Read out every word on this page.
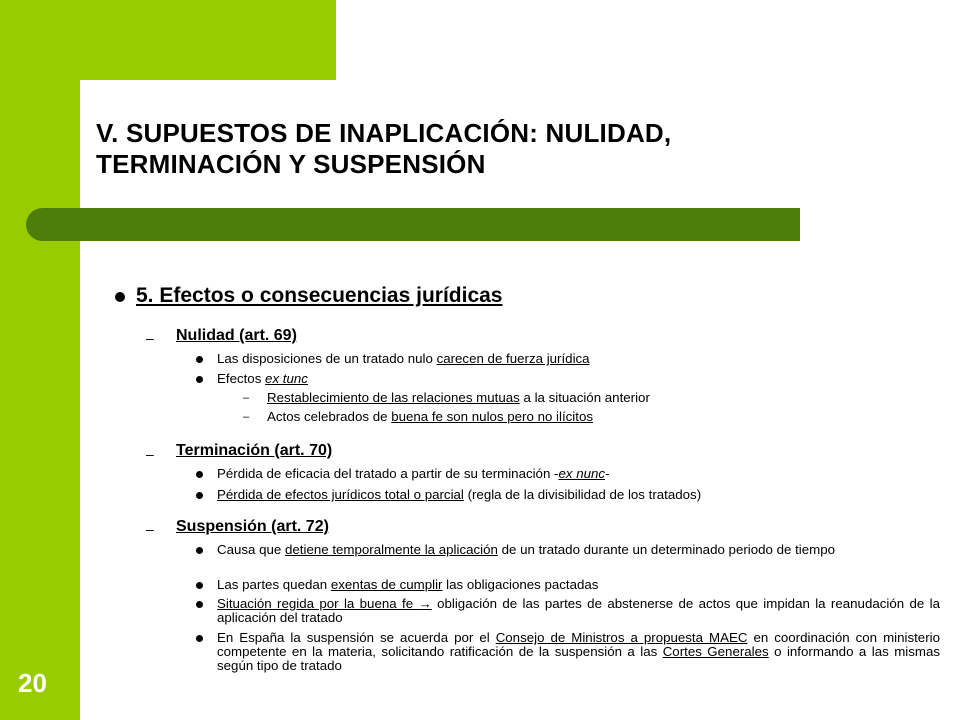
V. SUPUESTOS DE INAPLICACIÓN: NULIDAD,
TERMINACIÓN Y SUSPENSIÓN
20
5. Efectos o consecuencias jurídicas
– Nulidad (art. 69)
Las disposiciones de un tratado nulo carecen de fuerza jurídica
Efectos ex tunc
– Restablecimiento de las relaciones mutuas a la situación anterior
– Actos celebrados de buena fe son nulos pero no ilícitos
– Terminación (art. 70)
Pérdida de eficacia del tratado a partir de su terminación -ex nunc-
Pérdida de efectos jurídicos total o parcial (regla de la divisibilidad de los tratados)
– Suspensión (art. 72)
Causa que detiene temporalmente la aplicación de un tratado durante un determinado periodo de tiempo
Las partes quedan exentas de cumplir las obligaciones pactadas
Situación regida por la buena fe → obligación de las partes de abstenerse de actos que impidan la reanudación de la aplicación del tratado
En España la suspensión se acuerda por el Consejo de Ministros a propuesta MAEC en coordinación con ministerio competente en la materia, solicitando ratificación de la suspensión a las Cortes Generales o informando a las mismas según tipo de tratado
